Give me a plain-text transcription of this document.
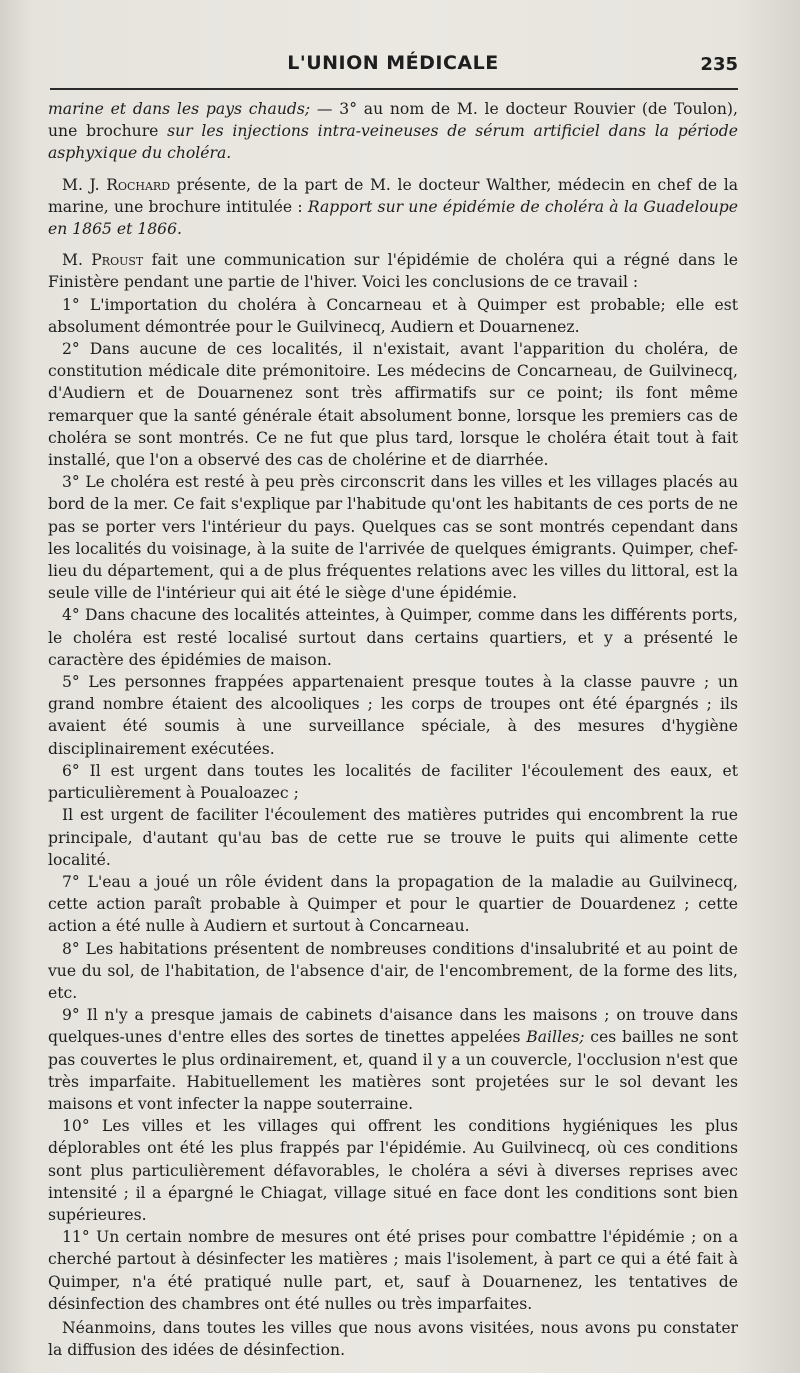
L'UNION MÉDICALE	235

marine et dans les pays chauds; — 3° au nom de M. le docteur Rouvier (de Toulon), une brochure sur les injections intra-veineuses de sérum artificiel dans la période asphyxique du choléra.

M. J. Rochard présente, de la part de M. le docteur Walther, médecin en chef de la marine, une brochure intitulée : Rapport sur une épidémie de choléra à la Guadeloupe en 1865 et 1866.

M. Proust fait une communication sur l'épidémie de choléra qui a régné dans le Finistère pendant une partie de l'hiver. Voici les conclusions de ce travail :

1° L'importation du choléra à Concarneau et à Quimper est probable; elle est absolument démontrée pour le Guilvinecq, Audiern et Douarnenez.

2° Dans aucune de ces localités, il n'existait, avant l'apparition du choléra, de constitution médicale dite prémonitoire. Les médecins de Concarneau, de Guilvinecq, d'Audiern et de Douarnenez sont très affirmatifs sur ce point; ils font même remarquer que la santé générale était absolument bonne, lorsque les premiers cas de choléra se sont montrés. Ce ne fut que plus tard, lorsque le choléra était tout à fait installé, que l'on a observé des cas de cholérine et de diarrhée.

3° Le choléra est resté à peu près circonscrit dans les villes et les villages placés au bord de la mer. Ce fait s'explique par l'habitude qu'ont les habitants de ces ports de ne pas se porter vers l'intérieur du pays. Quelques cas se sont montrés cependant dans les localités du voisinage, à la suite de l'arrivée de quelques émigrants. Quimper, chef-lieu du département, qui a de plus fréquentes relations avec les villes du littoral, est la seule ville de l'intérieur qui ait été le siège d'une épidémie.

4° Dans chacune des localités atteintes, à Quimper, comme dans les différents ports, le choléra est resté localisé surtout dans certains quartiers, et y a présenté le caractère des épidémies de maison.

5° Les personnes frappées appartenaient presque toutes à la classe pauvre ; un grand nombre étaient des alcooliques ; les corps de troupes ont été épargnés ; ils avaient été soumis à une surveillance spéciale, à des mesures d'hygiène disciplinairement exécutées.

6° Il est urgent dans toutes les localités de faciliter l'écoulement des eaux, et particulièrement à Poualoazec ;

Il est urgent de faciliter l'écoulement des matières putrides qui encombrent la rue principale, d'autant qu'au bas de cette rue se trouve le puits qui alimente cette localité.

7° L'eau a joué un rôle évident dans la propagation de la maladie au Guilvinecq, cette action paraît probable à Quimper et pour le quartier de Douardenez ; cette action a été nulle à Audiern et surtout à Concarneau.

8° Les habitations présentent de nombreuses conditions d'insalubrité et au point de vue du sol, de l'habitation, de l'absence d'air, de l'encombrement, de la forme des lits, etc.

9° Il n'y a presque jamais de cabinets d'aisance dans les maisons ; on trouve dans quelques-unes d'entre elles des sortes de tinettes appelées Bailles; ces bailles ne sont pas couvertes le plus ordinairement, et, quand il y a un couvercle, l'occlusion n'est que très imparfaite. Habituellement les matières sont projetées sur le sol devant les maisons et vont infecter la nappe souterraine.

10° Les villes et les villages qui offrent les conditions hygiéniques les plus déplorables ont été les plus frappés par l'épidémie. Au Guilvinecq, où ces conditions sont plus particulièrement défavorables, le choléra a sévi à diverses reprises avec intensité ; il a épargné le Chiagat, village situé en face dont les conditions sont bien supérieures.

11° Un certain nombre de mesures ont été prises pour combattre l'épidémie ; on a cherché partout à désinfecter les matières ; mais l'isolement, à part ce qui a été fait à Quimper, n'a été pratiqué nulle part, et, sauf à Douarnenez, les tentatives de désinfection des chambres ont été nulles ou très imparfaites.

Néanmoins, dans toutes les villes que nous avons visitées, nous avons pu constater la diffusion des idées de désinfection.
